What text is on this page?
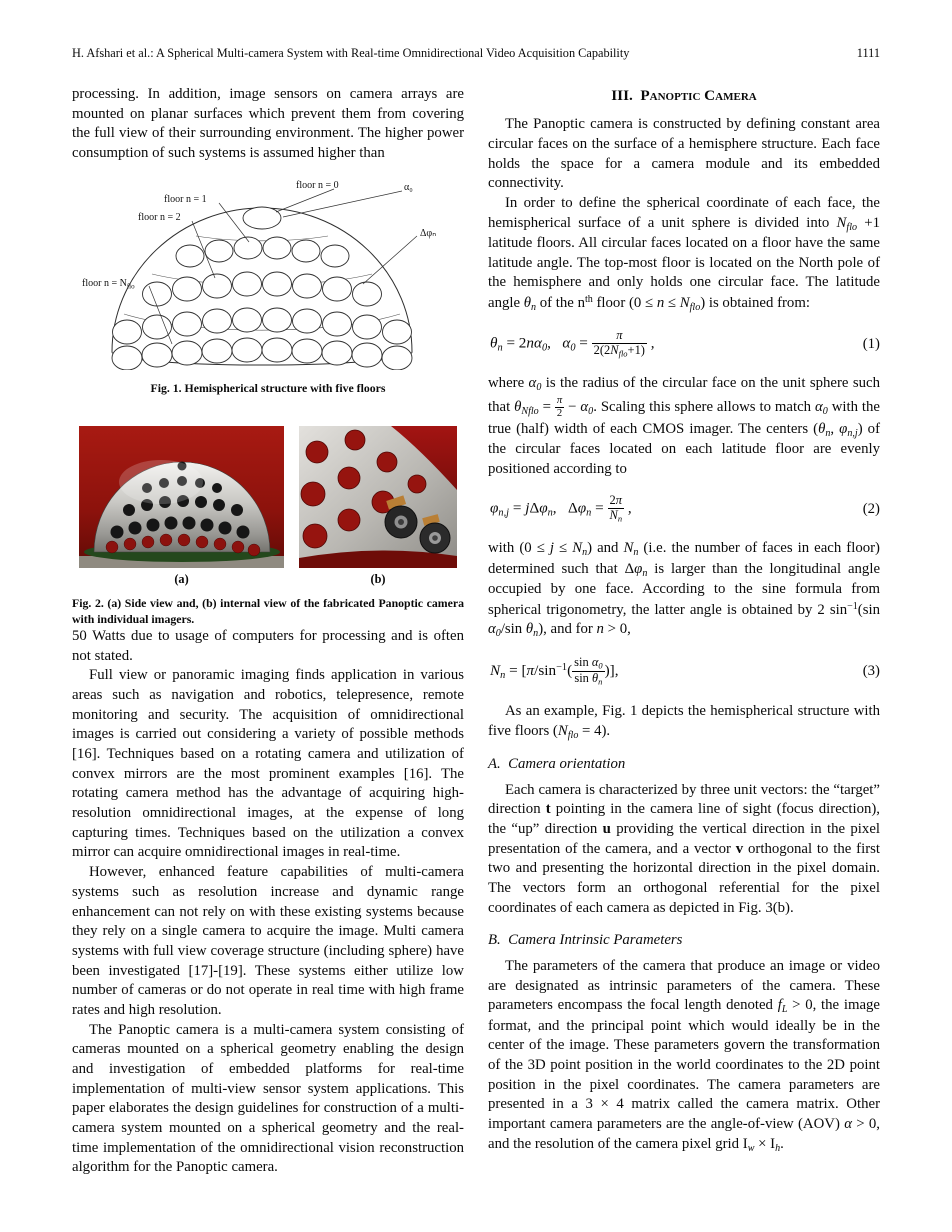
H. Afshari et al.: A Spherical Multi-camera System with Real-time Omnidirectional Video Acquisition Capability	1111

processing. In addition, image sensors on camera arrays are mounted on planar surfaces which prevent them from covering the full view of their surrounding environment. The higher power consumption of such systems is assumed higher than

floor n = 0	α₀
floor n = 1
floor n = 2
Δφₙ
floor $n = N_{flo}$
Fig. 1. Hemispherical structure with five floors
(a)	(b)
Fig. 2. (a) Side view and, (b) internal view of the fabricated Panoptic camera with individual imagers.

50 Watts due to usage of computers for processing and is often not stated.

Full view or panoramic imaging finds application in various areas such as navigation and robotics, telepresence, remote monitoring and security. The acquisition of omnidirectional images is carried out considering a variety of possible methods [16]. Techniques based on a rotating camera and utilization of convex mirrors are the most prominent examples [16]. The rotating camera method has the advantage of acquiring high-resolution omnidirectional images, at the expense of long capturing times. Techniques based on the utilization a convex mirror can acquire omnidirectional images in real-time.

However, enhanced feature capabilities of multi-camera systems such as resolution increase and dynamic range enhancement can not rely on with these existing systems because they rely on a single camera to acquire the image. Multi camera systems with full view coverage structure (including sphere) have been investigated [17]-[19]. These systems either utilize low number of cameras or do not operate in real time with high frame rates and high resolution.

The Panoptic camera is a multi-camera system consisting of cameras mounted on a spherical geometry enabling the design and investigation of embedded platforms for real-time implementation of multi-view sensor system applications. This paper elaborates the design guidelines for construction of a multi-camera system mounted on a spherical geometry and the real-time implementation of the omnidirectional vision reconstruction algorithm for the Panoptic camera.

III. Panoptic Camera

The Panoptic camera is constructed by defining constant area circular faces on the surface of a hemisphere structure. Each face holds the space for a camera module and its embedded connectivity.

In order to define the spherical coordinate of each face, the hemispherical surface of a unit sphere is divided into $N_{flo} +1$ latitude floors. All circular faces located on a floor have the same latitude angle. The top-most floor is located on the North pole of the hemisphere and only holds one circular face. The latitude angle $\theta_n$ of the $n^{th}$ floor $(0 \le n \le N_{flo})$ is obtained from:

$\theta_n = 2n\alpha_0$,  $\alpha_0 = \frac{\pi}{2(2N_{flo}+1)}$ ,	(1)

where $\alpha_0$ is the radius of the circular face on the unit sphere such that $\theta_{Nflo} = \frac{\pi}{2} - \alpha_0$. Scaling this sphere allows to match $\alpha_0$ with the true (half) width of each CMOS imager. The centers ($\theta_n$, $\varphi_{n,j}$) of the circular faces located on each latitude floor are evenly positioned according to

$\varphi_{n,j} = j\Delta\varphi_n$,  $\Delta\varphi_n = \frac{2\pi}{N_n}$ ,	(2)

with $(0 \le j \le N_n)$ and $N_n$ (i.e. the number of faces in each floor) determined such that $\Delta\varphi_n$ is larger than the longitudinal angle occupied by one face. According to the sine formula from spherical trigonometry, the latter angle is obtained by 2 $\sin^{-1}(\sin$ $\alpha_0/\sin$ $\theta_n$), and for n > 0,

$N_n = [\pi/\sin^{-1}( \frac{\sin \alpha_0}{\sin \theta_n}$ )],	(3)

As an example, Fig. 1 depicts the hemispherical structure with five floors $(N_{flo} = 4)$.

A. Camera orientation

Each camera is characterized by three unit vectors: the “target” direction t pointing in the camera line of sight (focus direction), the “up” direction u providing the vertical direction in the pixel presentation of the camera, and a vector v orthogonal to the first two and presenting the horizontal direction in the pixel domain. The vectors form an orthogonal referential for the pixel coordinates of each camera as depicted in Fig. 3(b).

B. Camera Intrinsic Parameters

The parameters of the camera that produce an image or video are designated as intrinsic parameters of the camera. These parameters encompass the focal length denoted $f_L > 0$, the image format, and the principal point which would ideally be in the center of the image. These parameters govern the transformation of the 3D point position in the world coordinates to the 2D point position in the pixel coordinates. The camera parameters are presented in a 3 × 4 matrix called the camera matrix. Other important camera parameters are the angle-of-view (AOV) α > 0, and the resolution of the camera pixel grid $I_w \times I_h$.
